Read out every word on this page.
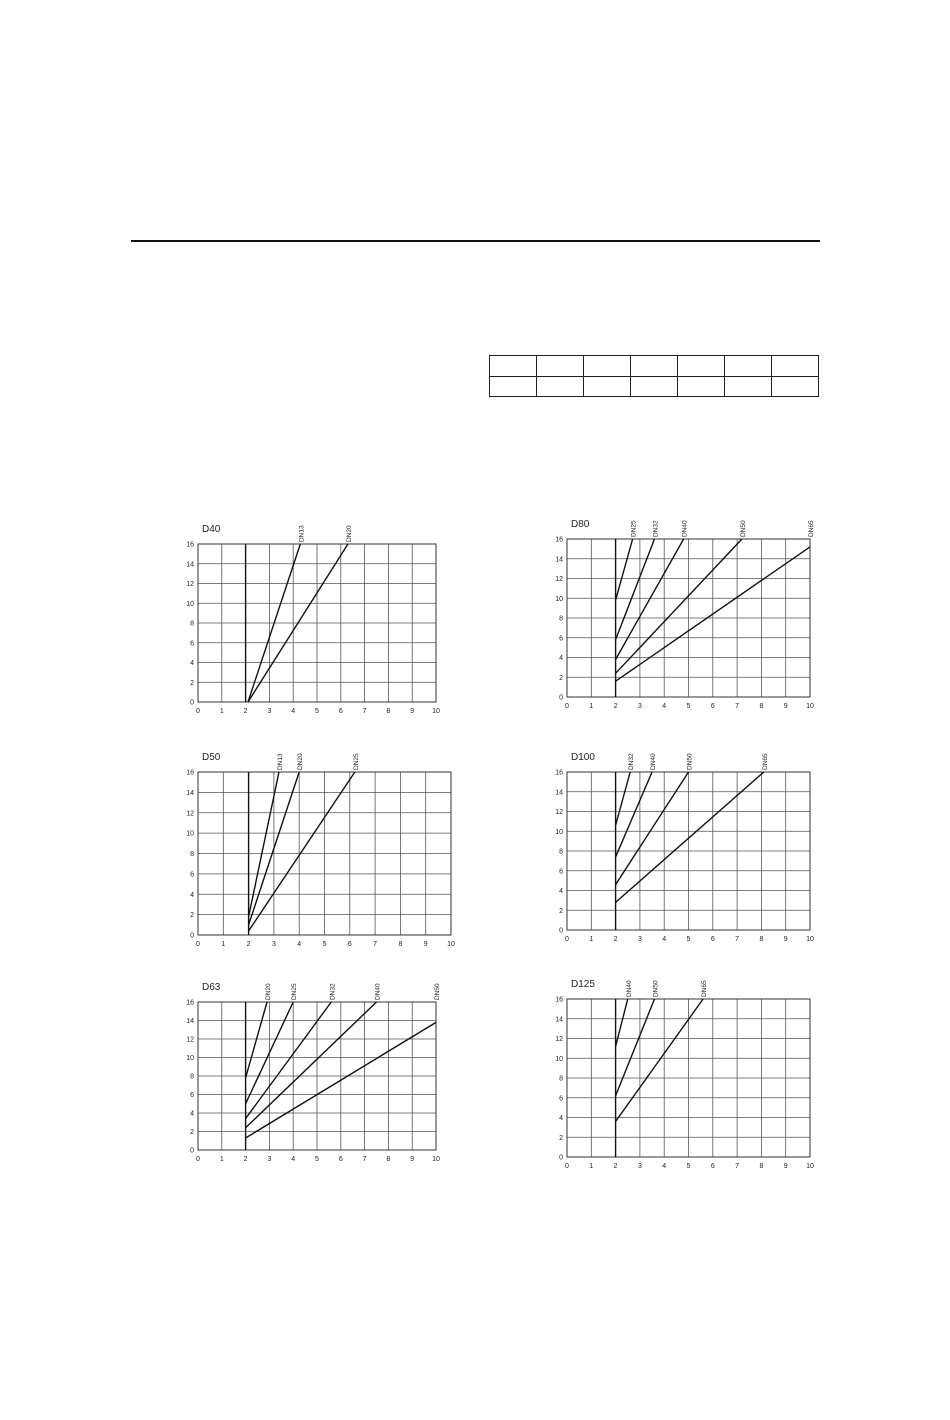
D40
0	1	2	3	4	5	6	7	8	9	10
0
2
4
6
8
10
12
14
16
DN13	DN20
D80
0	1	2	3	4	5	6	7	8	9	10
0
2
4
6
8
10
12
14
16
DN25 DN32	DN40	DN50	DN65
D50
0	1	2	3	4	5	6	7	8	9	10
0
2
4
6
8
10
12
14
16
DN13 DN20	DN25	D100
0	1	2	3	4	5	6	7	8	9	10
0
2
4
6
8
10
12
14
16
DN32 DN40	DN50	DN65
D63
0	1	2	3	4	5	6	7	8	9	10
0
2
4
6
8
10
12
14
16
DN20	DN25	DN32	DN40	DN50	D125
0	1	2	3	4	5	6	7	8	9	10
0
2
4
6
8
10
12
14
16
DN40	DN50	DN65
